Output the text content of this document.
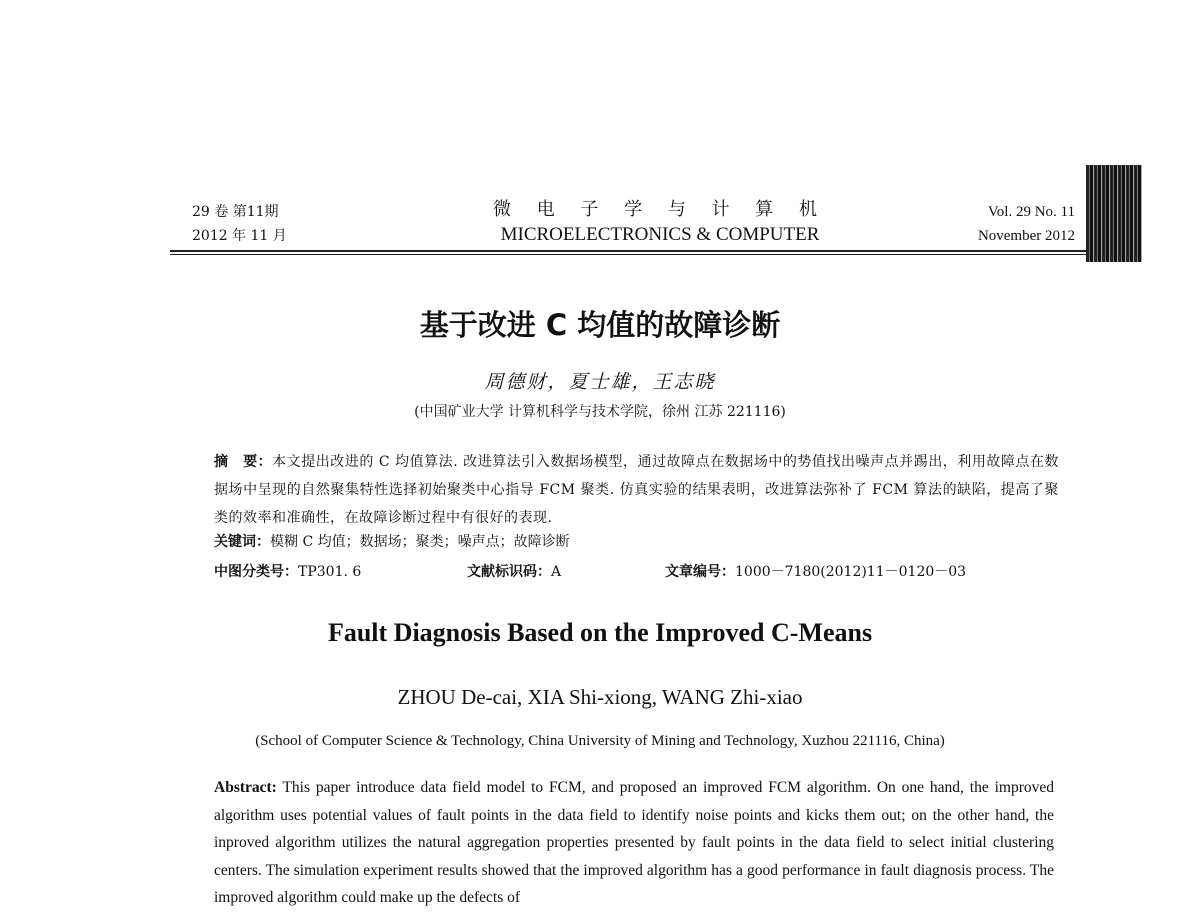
29 卷 第11期
2012 年 11 月
微 电 子 学 与 计 算 机
MICROELECTRONICS & COMPUTER
Vol. 29 No. 11
November 2012
基于改进 C 均值的故障诊断
周德财，夏士雄，王志晓
(中国矿业大学 计算机科学与技术学院，徐州 江苏 221116)
摘　要：本文提出改进的 C 均值算法. 改进算法引入数据场模型，通过故障点在数据场中的势值找出噪声点并踢出，利用故障点在数据场中呈现的自然聚集特性选择初始聚类中心指导 FCM 聚类. 仿真实验的结果表明，改进算法弥补了 FCM 算法的缺陷，提高了聚类的效率和准确性，在故障诊断过程中有很好的表现.
关键词：模糊 C 均值；数据场；聚类；噪声点；故障诊断
中图分类号：TP301. 6	文献标识码：A	文章编号：1000－7180(2012)11－0120－03
Fault Diagnosis Based on the Improved C-Means
ZHOU De-cai, XIA Shi-xiong, WANG Zhi-xiao
(School of Computer Science & Technology, China University of Mining and Technology, Xuzhou 221116, China)
Abstract: This paper introduce data field model to FCM, and proposed an improved FCM algorithm. On one hand, the improved algorithm uses potential values of fault points in the data field to identify noise points and kicks them out; on the other hand, the inproved algorithm utilizes the natural aggregation properties presented by fault points in the data field to select initial clustering centers. The simulation experiment results showed that the improved algorithm has a good performance in fault diagnosis process. The improved algorithm could make up the defects of
